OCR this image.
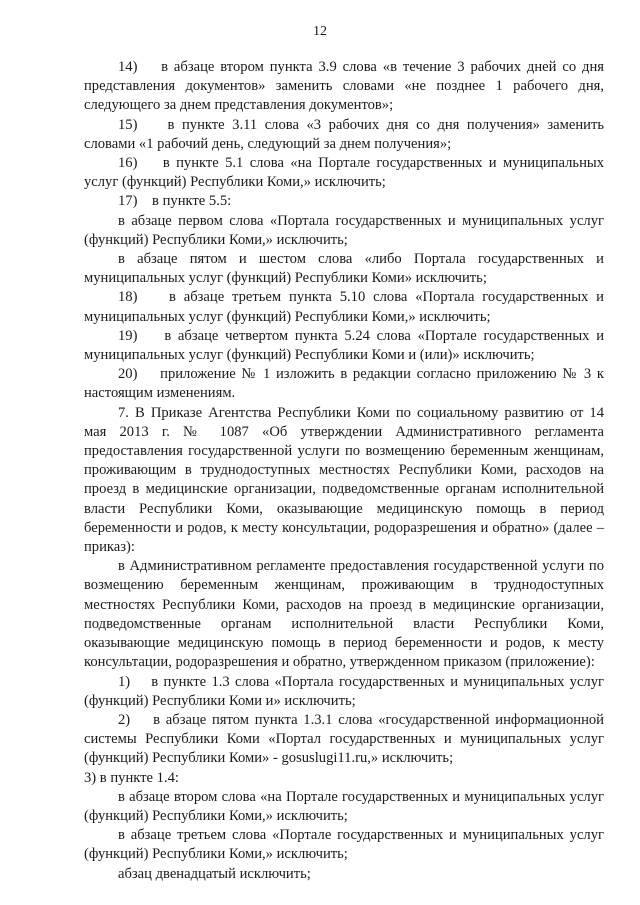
12

14)    в абзаце втором пункта 3.9 слова «в течение 3 рабочих дней со дня представления документов» заменить словами «не позднее 1 рабочего дня, следующего за днем представления документов»;

15)    в пункте 3.11 слова «3 рабочих дня со дня получения» заменить словами «1 рабочий день, следующий за днем получения»;

16)    в пункте 5.1 слова «на Портале государственных и муниципальных услуг (функций) Республики Коми,» исключить;

17)    в пункте 5.5:

в абзаце первом слова «Портала государственных и муниципальных услуг (функций) Республики Коми,» исключить;

в абзаце пятом и шестом слова «либо Портала государственных и муниципальных услуг (функций) Республики Коми» исключить;

18)    в абзаце третьем пункта 5.10 слова «Портала государственных и муниципальных услуг (функций) Республики Коми,» исключить;

19)    в абзаце четвертом пункта 5.24 слова «Портале государственных и муниципальных услуг (функций) Республики Коми и (или)» исключить;

20)    приложение № 1 изложить в редакции согласно приложению № 3 к настоящим изменениям.

7. В Приказе Агентства Республики Коми по социальному развитию от 14 мая 2013 г. № 1087 «Об утверждении Административного регламента предоставления государственной услуги по возмещению беременным женщинам, проживающим в труднодоступных местностях Республики Коми, расходов на проезд в медицинские организации, подведомственные органам исполнительной власти Республики Коми, оказывающие медицинскую помощь в период беременности и родов, к месту консультации, родоразрешения и обратно» (далее – приказ):

в Административном регламенте предоставления государственной услуги по возмещению беременным женщинам, проживающим в труднодоступных местностях Республики Коми, расходов на проезд в медицинские организации, подведомственные органам исполнительной власти Республики Коми, оказывающие медицинскую помощь в период беременности и родов, к месту консультации, родоразрешения и обратно, утвержденном приказом (приложение):

1)    в пункте 1.3 слова «Портала государственных и муниципальных услуг (функций) Республики Коми и» исключить;

2)    в абзаце пятом пункта 1.3.1 слова «государственной информационной системы Республики Коми «Портал государственных и муниципальных услуг (функций) Республики Коми» - gosuslugi11.ru,» исключить;

3) в пункте 1.4:

в абзаце втором слова «на Портале государственных и муниципальных услуг (функций) Республики Коми,» исключить;

в абзаце третьем слова «Портале государственных и муниципальных услуг (функций) Республики Коми,» исключить;

абзац двенадцатый исключить;
